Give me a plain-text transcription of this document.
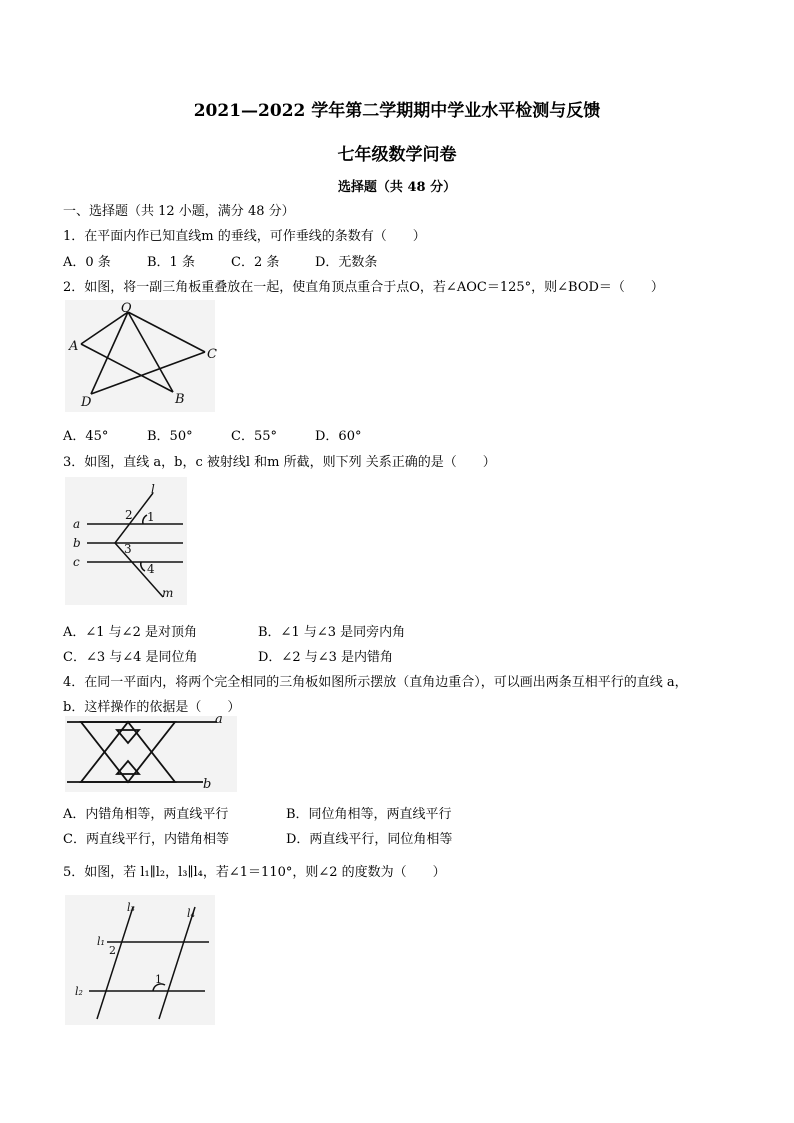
2021—2022 学年第二学期期中学业水平检测与反馈
七年级数学问卷
选择题（共 48 分）
一、选择题（共 12 小题，满分 48 分）
1．在平面内作已知直线m 的垂线，可作垂线的条数有（　　）
A．0 条	B．1 条	C．2 条	D．无数条
2．如图，将一副三角板重叠放在一起，使直角顶点重合于点O，若∠AOC＝125°，则∠BOD＝（　　）
O
A
C
D	B
A．45°	B．50°	C．55°	D．60°
3．如图，直线 a，b，c 被射线l 和m 所截，则下列 关系正确的是（　　）
l
2 1
a
b	3
c	4
m
A．∠1 与∠2 是对顶角	B．∠1 与∠3 是同旁内角
C．∠3 与∠4 是同位角	D．∠2 与∠3 是内错角
4．在同一平面内，将两个完全相同的三角板如图所示摆放（直角边重合），可以画出两条互相平行的直线 a，
b．这样操作的依据是（　　）
a
b
A．内错角相等，两直线平行	B．同位角相等，两直线平行
C．两直线平行，内错角相等	D．两直线平行，同位角相等
5．如图，若 l₁∥l₂，l₃∥l₄，若∠1＝110°，则∠2 的度数为（　　）
l₃	l₄
l₁
2
1
l₂
